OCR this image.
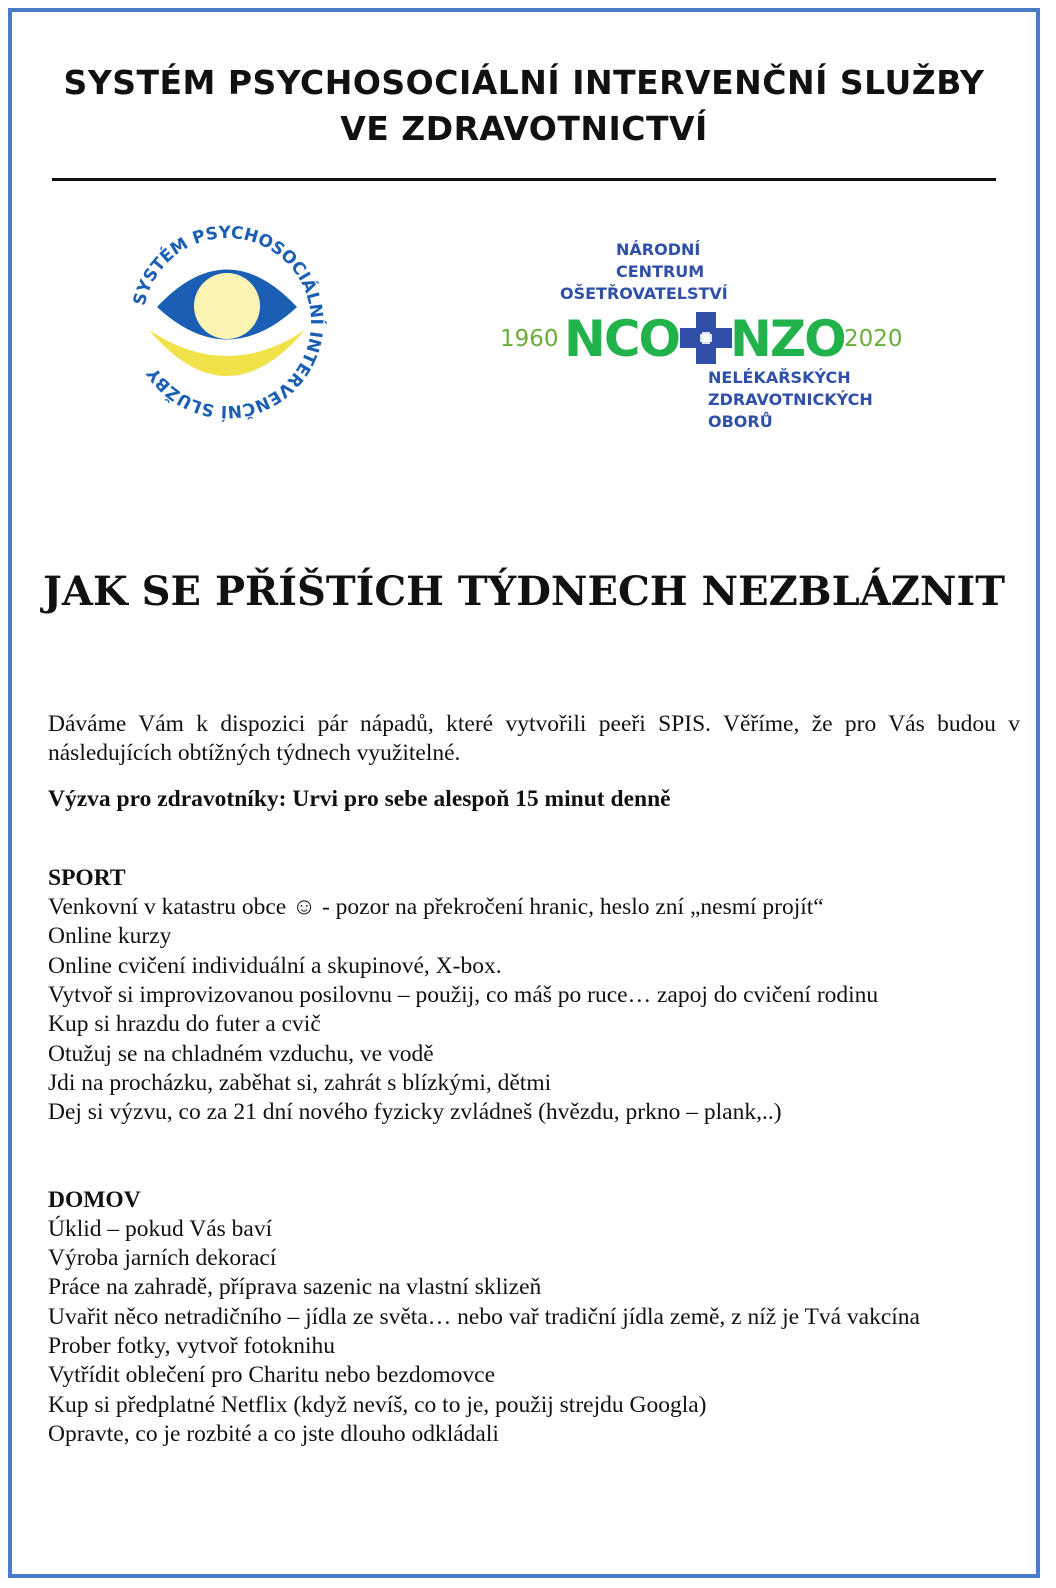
SYSTÉM PSYCHOSOCIÁLNÍ INTERVENČNÍ SLUŽBY
VE ZDRAVOTNICTVÍ
SYSTÉM PSYCHOSOCIÁLNÍ INTERVENČNÍ SLUŽBY
NÁRODNÍ
CENTRUM
OŠETŘOVATELSTVÍ
1960 NCO NZO 2020
NELÉKAŘSKÝCH
ZDRAVOTNICKÝCH
OBORŮ
JAK SE PŘÍŠTÍCH TÝDNECH NEZBLÁZNIT

Dáváme Vám k dispozici pár nápadů, které vytvořili peeři SPIS. Věříme, že pro Vás budou v následujících obtížných týdnech využitelné.

Výzva pro zdravotníky: Urvi pro sebe alespoň 15 minut denně

SPORT

Venkovní v katastru obce ☺ - pozor na překročení hranic, heslo zní „nesmí projít“

Online kurzy

Online cvičení individuální a skupinové, X-box.

Vytvoř si improvizovanou posilovnu – použij, co máš po ruce… zapoj do cvičení rodinu

Kup si hrazdu do futer a cvič

Otužuj se na chladném vzduchu, ve vodě

Jdi na procházku, zaběhat si, zahrát s blízkými, dětmi

Dej si výzvu, co za 21 dní nového fyzicky zvládneš (hvězdu, prkno – plank,..)

DOMOV

Úklid – pokud Vás baví

Výroba jarních dekorací

Práce na zahradě, příprava sazenic na vlastní sklizeň

Uvařit něco netradičního – jídla ze světa… nebo vař tradiční jídla země, z níž je Tvá vakcína

Prober fotky, vytvoř fotoknihu

Vytřídit oblečení pro Charitu nebo bezdomovce

Kup si předplatné Netflix (když nevíš, co to je, použij strejdu Googla)

Opravte, co je rozbité a co jste dlouho odkládali
